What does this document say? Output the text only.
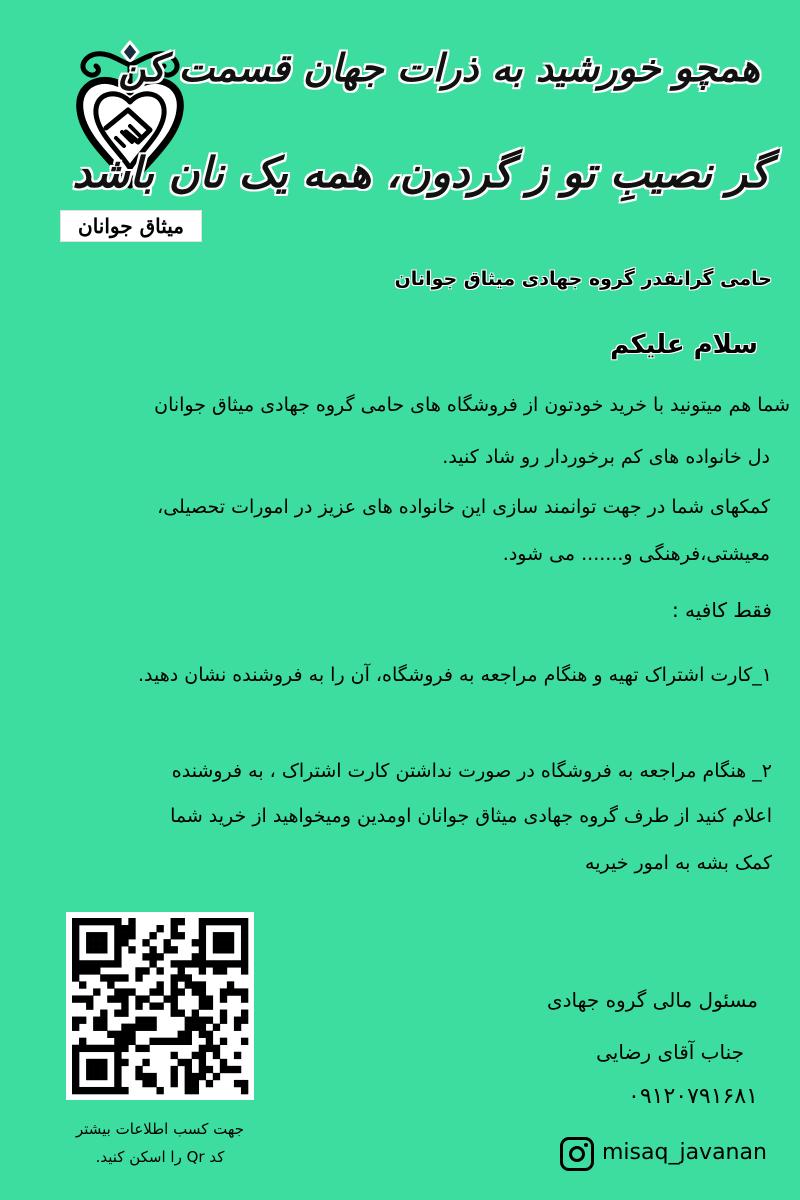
میثاق جوانان
همچو خورشید به ذرات جهان قسمت کن
گر نصیبِ تو ز گردون، همه یک نان باشد
حامی گرانقدر گروه جهادی میثاق جوانان
سلام علیکم
شما هم میتونید با خرید خودتون از فروشگاه های حامی گروه جهادی میثاق جوانان
دل خانواده های کم برخوردار رو شاد کنید.
کمکهای شما در جهت توانمند سازی این خانواده های عزیز در امورات تحصیلی،
معیشتی،فرهنگی و....... می شود.
فقط کافیه :
۱_کارت اشتراک تهیه و هنگام مراجعه به فروشگاه، آن را به فروشنده نشان دهید.
۲_ هنگام مراجعه به فروشگاه در صورت نداشتن کارت اشتراک ، به فروشنده
اعلام کنید از طرف گروه جهادی میثاق جوانان اومدین ومیخواهید از خرید شما
کمک بشه به امور خیریه
جهت کسب اطلاعات بیشتر
کد Qr را اسکن کنید.
مسئول مالی گروه جهادی
جناب آقای رضایی
۰۹۱۲۰۷۹۱۶۸۱
misaq_javanan
